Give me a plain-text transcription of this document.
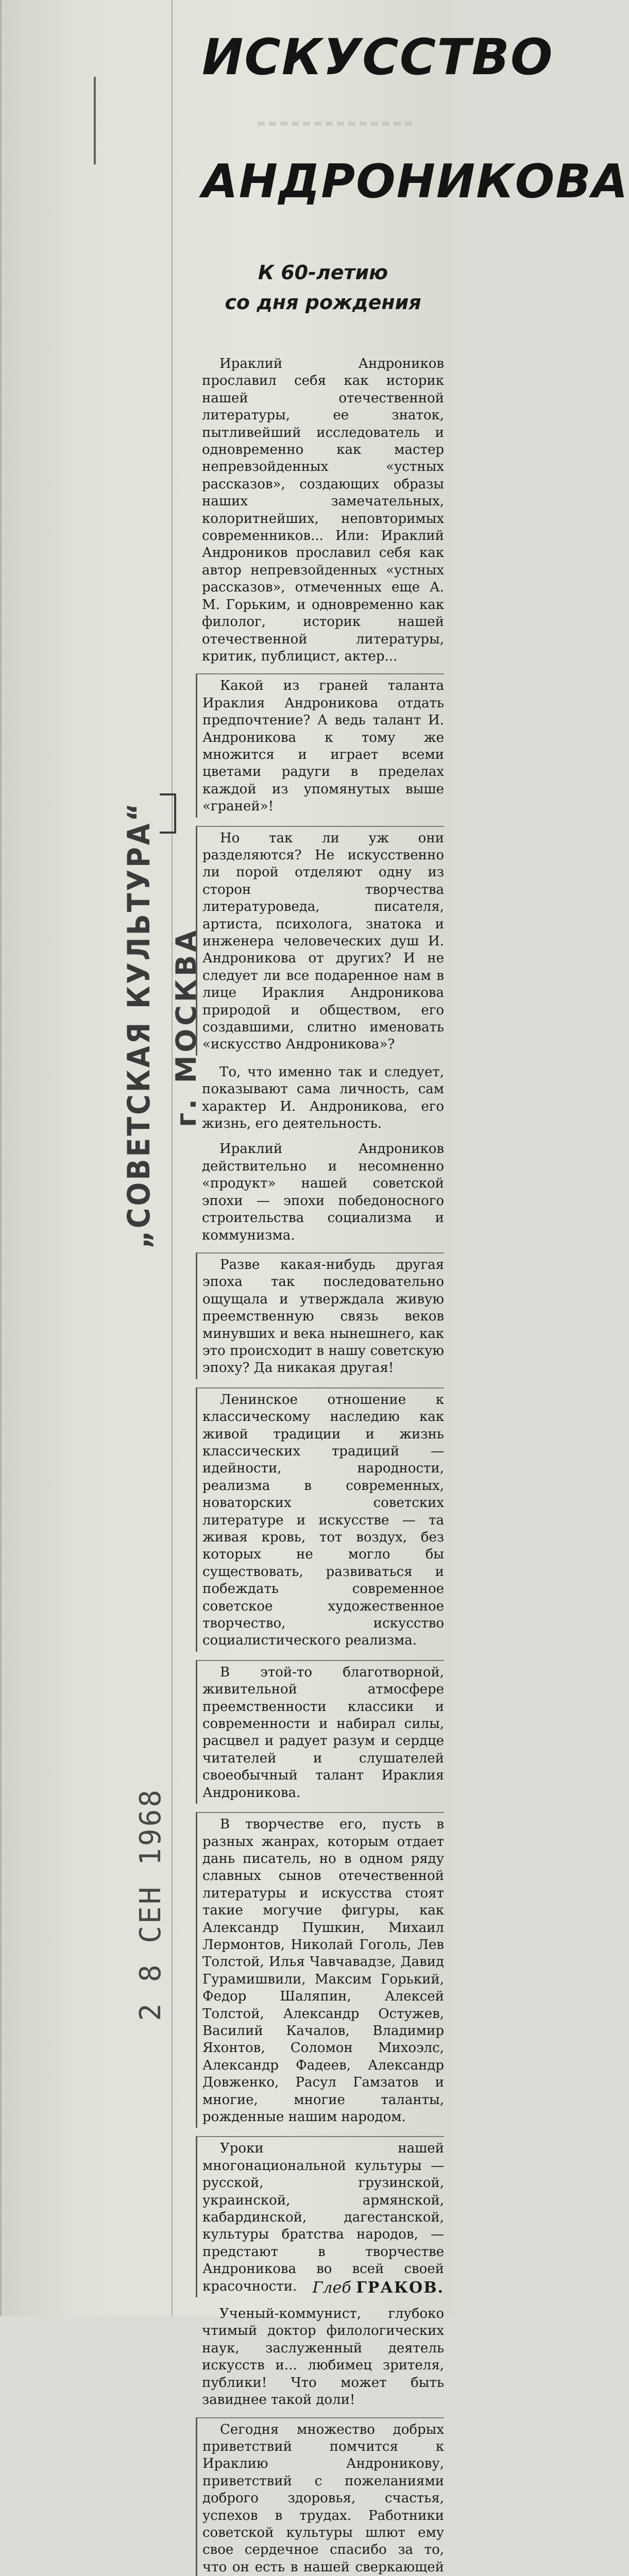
„СОВЕТСКАЯ КУЛЬТУРА“ г. МОСКВА
2 8 СЕН 1968
ИСКУССТВО
АНДРОНИКОВА

К 60-летию
со дня рождения

Ираклий Андроников прославил себя как историк нашей отечественной литературы, ее знаток, пытливейший исследователь и одновременно как мастер непревзойденных «устных рассказов», создающих образы наших замечательных, колоритнейших, неповторимых современников... Или: Ираклий Андроников прославил себя как автор непревзойденных «устных рассказов», отмеченных еще А. М. Горьким, и одновременно как филолог, историк нашей отечественной литературы, критик, публицист, актер...

Какой из граней таланта Ираклия Андроникова отдать предпочтение? А ведь талант И. Андроникова к тому же множится и играет всеми цветами радуги в пределах каждой из упомянутых выше «граней»!

Но так ли уж они разделяются? Не искусственно ли порой отделяют одну из сторон творчества литературоведа, писателя, артиста, психолога, знатока и инженера человеческих душ И. Андроникова от других? И не следует ли все подаренное нам в лице Ираклия Андроникова природой и обществом, его создавшими, слитно именовать «искусство Андроникова»?

То, что именно так и следует, показывают сама личность, сам характер И. Андроникова, его жизнь, его деятельность.

Ираклий Андроников действительно и несомненно «продукт» нашей советской эпохи — эпохи победоносного строительства социализма и коммунизма.

Разве какая-нибудь другая эпоха так последовательно ощущала и утверждала живую преемственную связь веков минувших и века нынешнего, как это происходит в нашу советскую эпоху? Да никакая другая!

Ленинское отношение к классическому наследию как живой традиции и жизнь классических традиций — идейности, народности, реализма в современных, новаторских советских литературе и искусстве — та живая кровь, тот воздух, без которых не могло бы существовать, развиваться и побеждать современное советское художественное творчество, искусство социалистического реализма.

В этой-то благотворной, живительной атмосфере преемственности классики и современности и набирал силы, расцвел и радует разум и сердце читателей и слушателей своеобычный талант Ираклия Андроникова.

В творчестве его, пусть в разных жанрах, которым отдает дань писатель, но в одном ряду славных сынов отечественной литературы и искусства стоят такие могучие фигуры, как Александр Пушкин, Михаил Лермонтов, Николай Гоголь, Лев Толстой, Илья Чавчавадзе, Давид Гурамишвили, Максим Горький, Федор Шаляпин, Алексей Толстой, Александр Остужев, Василий Качалов, Владимир Яхонтов, Соломон Михоэлс, Александр Фадеев, Александр Довженко, Расул Гамзатов и многие, многие таланты, рожденные нашим народом.

Уроки нашей многонациональной культуры — русской, грузинской, украинской, армянской, кабардинской, дагестанской, культуры братства народов, — предстают в творчестве Андроникова во всей своей красочности.

Ученый-коммунист, глубоко чтимый доктор филологических наук, заслуженный деятель искусств и... любимец зрителя, публики! Что может быть завиднее такой доли!

Сегодня множество добрых приветствий помчится к Ираклию Андроникову, приветствий с пожеланиями доброго здоровья, счастья, успехов в трудах. Работники советской культуры шлют ему свое сердечное спасибо за то, что он есть в нашей сверкающей

Глеб ГРАКОВ.
